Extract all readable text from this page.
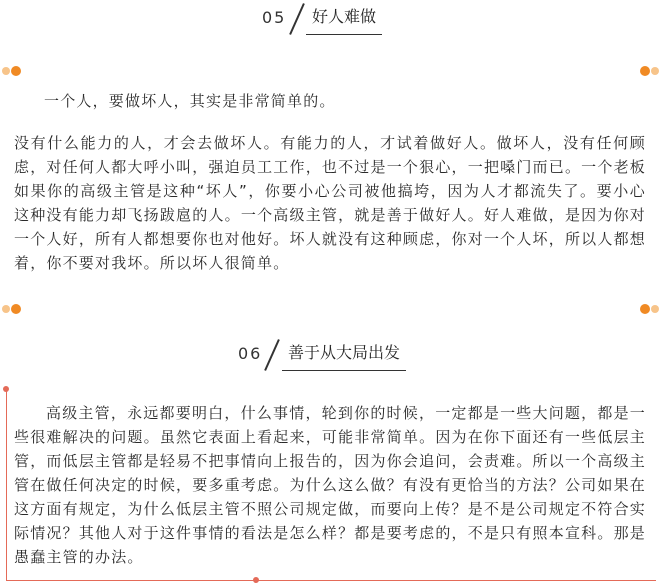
05	好人难做
一个人，要做坏人，其实是非常简单的。
没有什么能力的人，才会去做坏人。有能力的人，才试着做好人。做坏人，没有任何顾虑，对任何人都大呼小叫，强迫员工工作，也不过是一个狠心，一把嗓门而已。一个老板如果你的高级主管是这种“坏人”，你要小心公司被他搞垮，因为人才都流失了。要小心这种没有能力却飞扬跋扈的人。一个高级主管，就是善于做好人。好人难做，是因为你对一个人好，所有人都想要你也对他好。坏人就没有这种顾虑，你对一个人坏，所以人都想着，你不要对我坏。所以坏人很简单。
06	善于从大局出发
高级主管，永远都要明白，什么事情，轮到你的时候，一定都是一些大问题，都是一些很难解决的问题。虽然它表面上看起来，可能非常简单。因为在你下面还有一些低层主管，而低层主管都是轻易不把事情向上报告的，因为你会追问，会责难。所以一个高级主管在做任何决定的时候，要多重考虑。为什么这么做？有没有更恰当的方法？公司如果在这方面有规定，为什么低层主管不照公司规定做，而要向上传？是不是公司规定不符合实际情况？其他人对于这件事情的看法是怎么样？都是要考虑的，不是只有照本宣科。那是愚蠢主管的办法。
